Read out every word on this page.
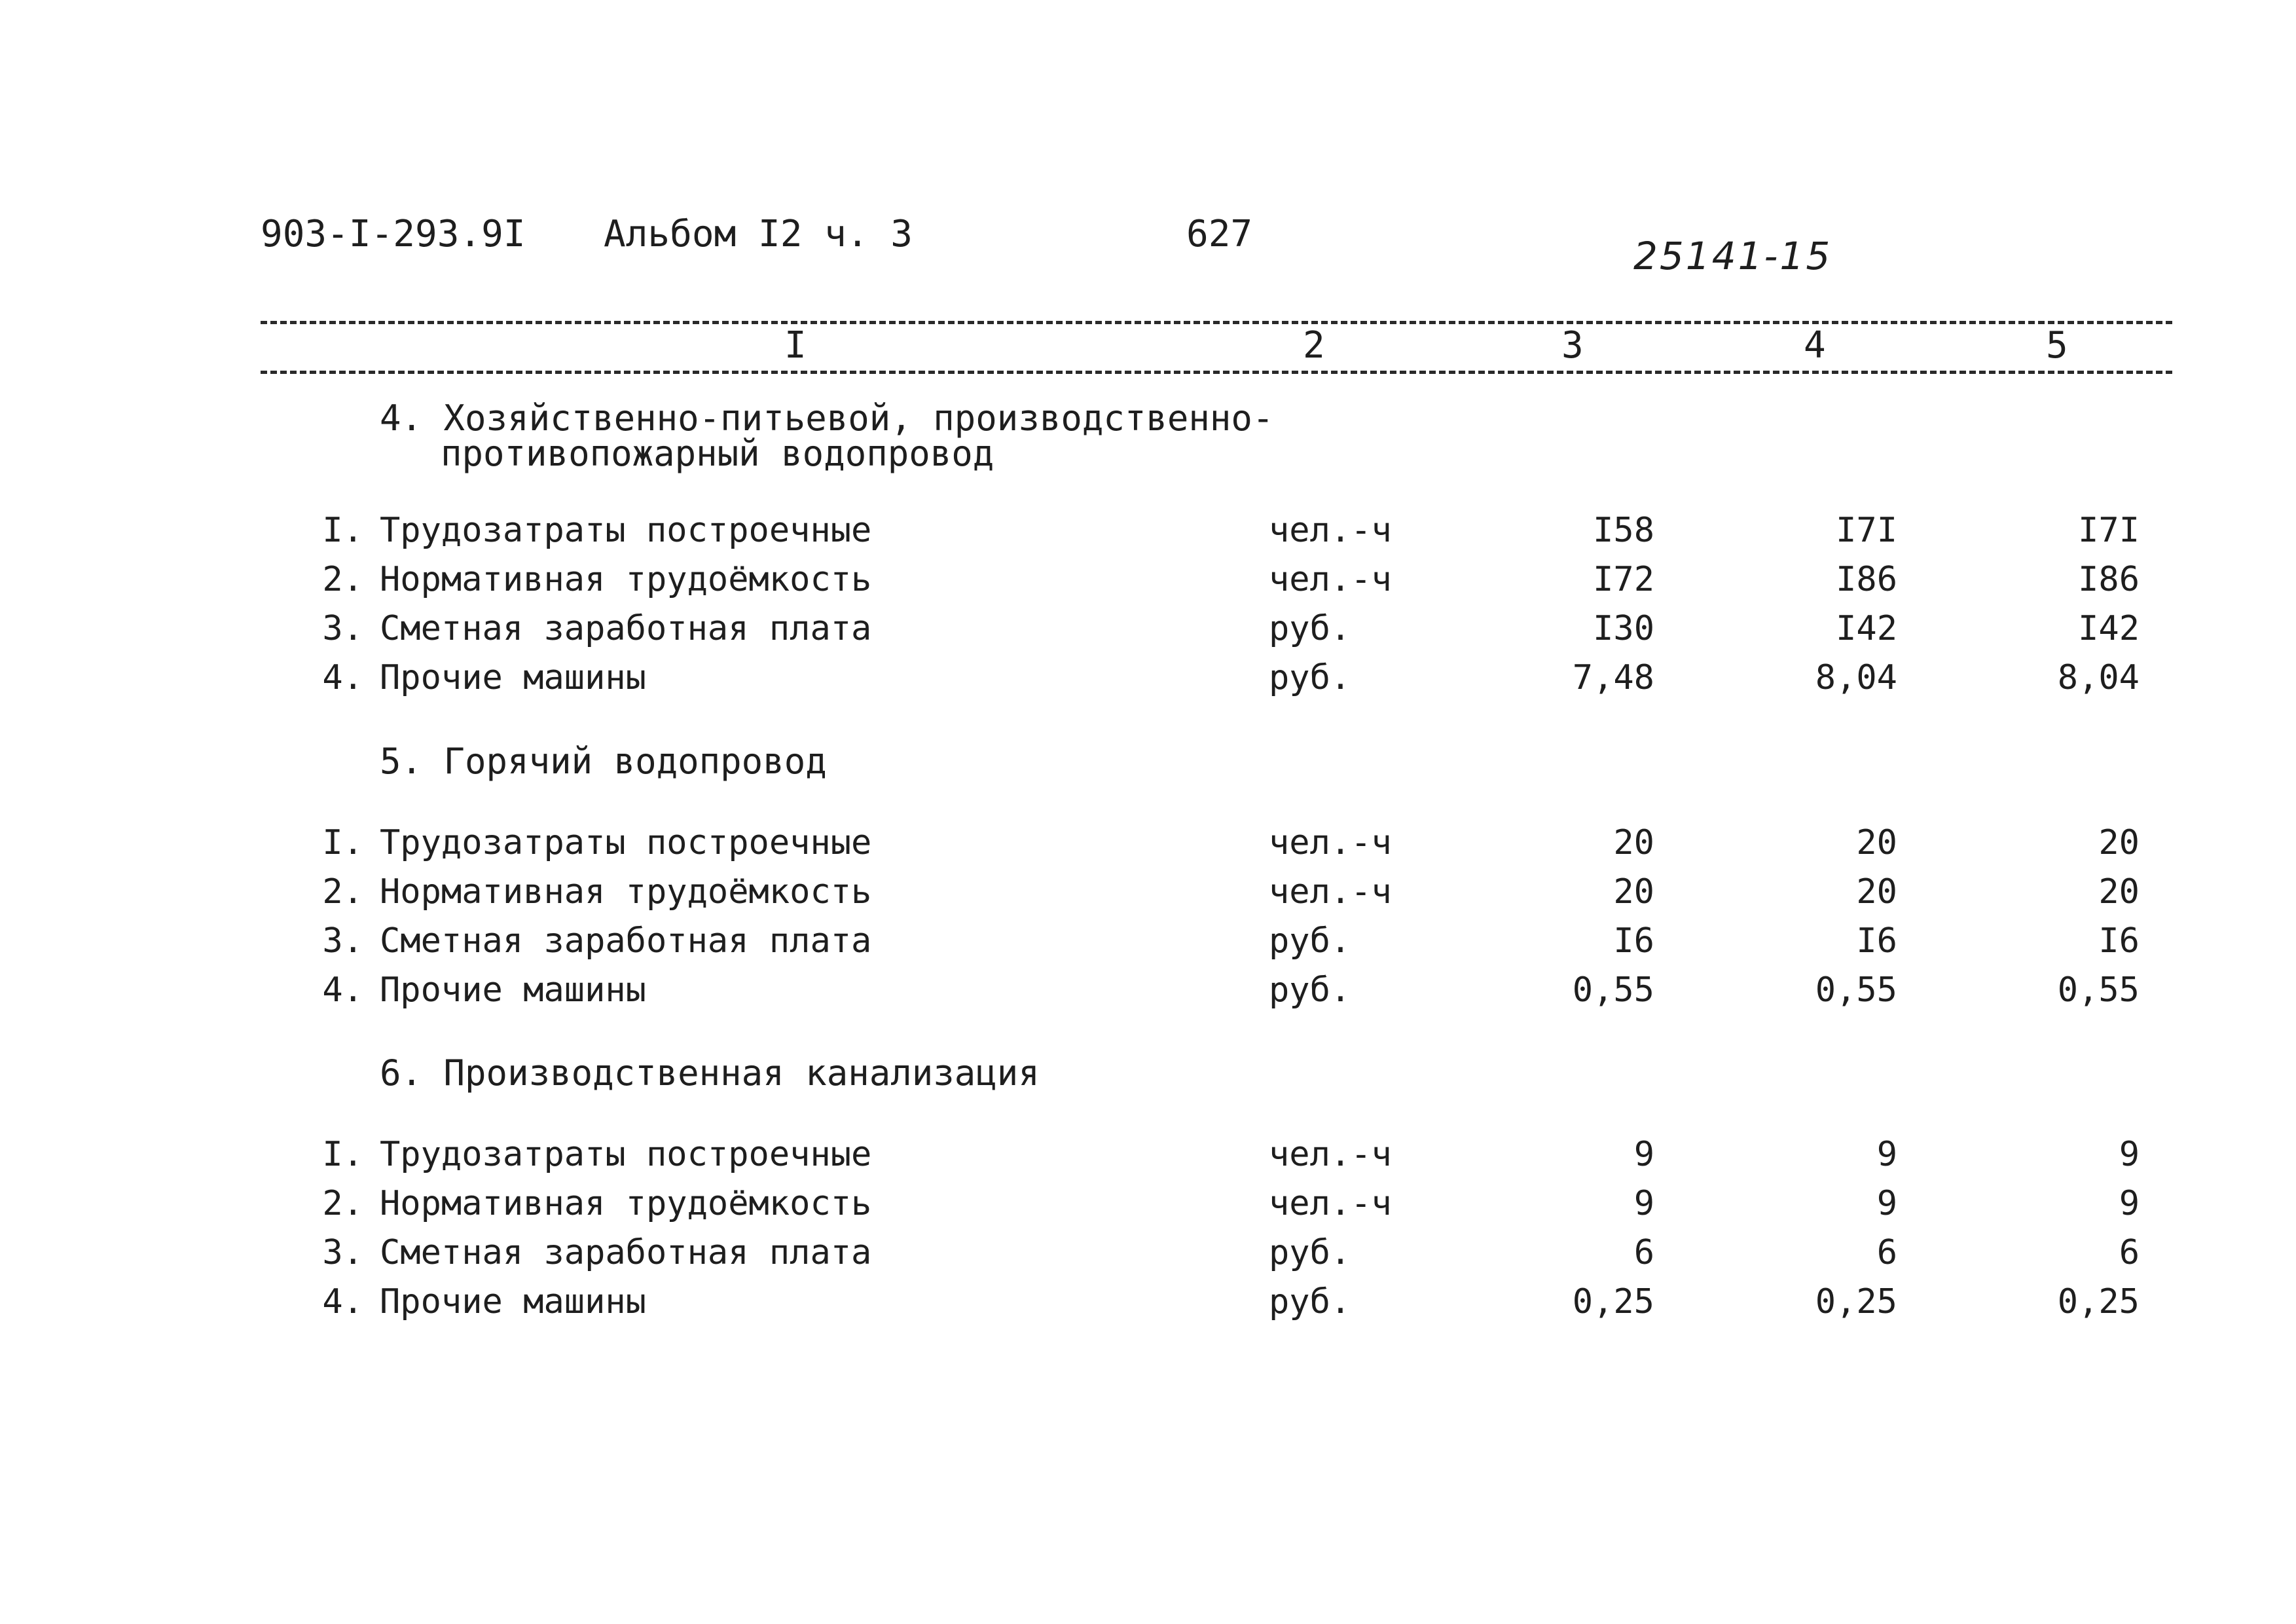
903-I-293.9I Альбом I2 ч. 3	627	25141-15
I	2	3	4	5
4. Хозяйственно-питьевой, производственно-
противопожарный водопровод
I. Трудозатраты построечные	чел.-ч	I58	I7I	I7I
2. Нормативная трудоёмкость	чел.-ч	I72	I86	I86
3. Сметная заработная плата	руб.	I30	I42	I42
4. Прочие машины	руб.	7,48	8,04	8,04
5. Горячий водопровод
I. Трудозатраты построечные	чел.-ч	20	20	20
2. Нормативная трудоёмкость	чел.-ч	20	20	20
3. Сметная заработная плата	руб.	I6	I6	I6
4. Прочие машины	руб.	0,55	0,55	0,55
6. Производственная канализация
I. Трудозатраты построечные	чел.-ч	9	9	9
2. Нормативная трудоёмкость	чел.-ч	9	9	9
3. Сметная заработная плата	руб.	6	6	6
4. Прочие машины	руб.	0,25	0,25	0,25
